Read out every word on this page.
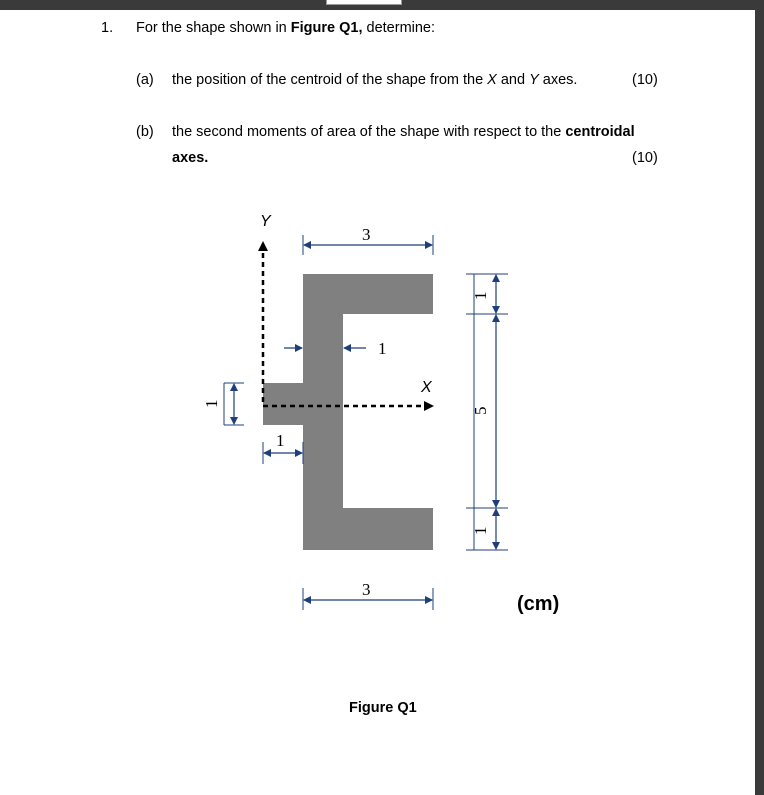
1. For the shape shown in Figure Q1, determine:
(a) the position of the centroid of the shape from the X and Y axes.	(10)
(b) the second moments of area of the shape with respect to the centroidal
axes.	(10)
Y
X
3
3
1
1
1
1
5
1
(cm)
Figure Q1
